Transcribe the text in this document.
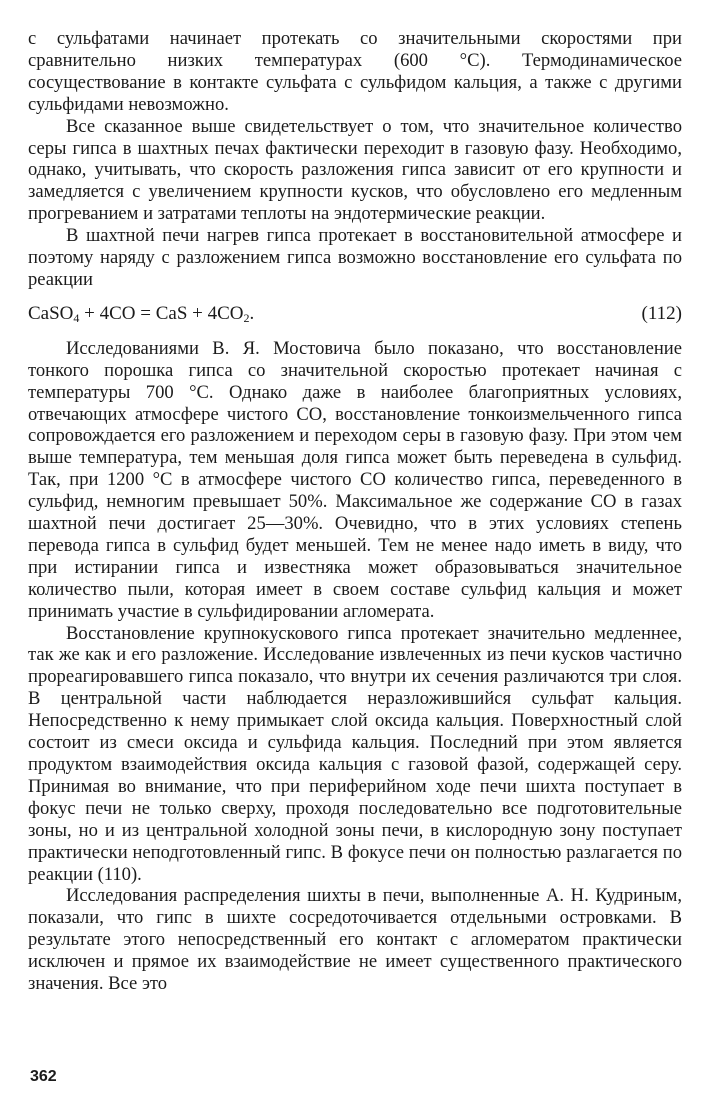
с сульфатами начинает протекать со значительными скоростями при сравнительно низких температурах (600 °С). Термодинамическое сосуществование в контакте сульфата с сульфидом кальция, а также с другими сульфидами невозможно.

Все сказанное выше свидетельствует о том, что значительное количество серы гипса в шахтных печах фактически переходит в газовую фазу. Необходимо, однако, учитывать, что скорость разложения гипса зависит от его крупности и замедляется с увеличением крупности кусков, что обусловлено его медленным прогреванием и затратами теплоты на эндотермические реакции.

В шахтной печи нагрев гипса протекает в восстановительной атмосфере и поэтому наряду с разложением гипса возможно восстановление его сульфата по реакции

CaSO$_4$ + 4CO = CaS + $4CO_2$.	(112)

Исследованиями В. Я. Мостовича было показано, что восстановление тонкого порошка гипса со значительной скоростью протекает начиная с температуры 700 °С. Однако даже в наиболее благоприятных условиях, отвечающих атмосфере чистого СО, восстановление тонкоизмельченного гипса сопровождается его разложением и переходом серы в газовую фазу. При этом чем выше температура, тем меньшая доля гипса может быть переведена в сульфид. Так, при 1200 °С в атмосфере чистого СО количество гипса, переведенного в сульфид, немногим превышает 50%. Максимальное же содержание СО в газах шахтной печи достигает 25—30%. Очевидно, что в этих условиях степень перевода гипса в сульфид будет меньшей. Тем не менее надо иметь в виду, что при истирании гипса и известняка может образовываться значительное количество пыли, которая имеет в своем составе сульфид кальция и может принимать участие в сульфидировании агломерата.

Восстановление крупнокускового гипса протекает значительно медленнее, так же как и его разложение. Исследование извлеченных из печи кусков частично прореагировавшего гипса показало, что внутри их сечения различаются три слоя. В центральной части наблюдается неразложившийся сульфат кальция. Непосредственно к нему примыкает слой оксида кальция. Поверхностный слой состоит из смеси оксида и сульфида кальция. Последний при этом является продуктом взаимодействия оксида кальция с газовой фазой, содержащей серу. Принимая во внимание, что при периферийном ходе печи шихта поступает в фокус печи не только сверху, проходя последовательно все подготовительные зоны, но и из центральной холодной зоны печи, в кислородную зону поступает практически неподготовленный гипс. В фокусе печи он полностью разлагается по реакции (110).

Исследования распределения шихты в печи, выполненные А. Н. Кудриным, показали, что гипс в шихте сосредоточивается отдельными островками. В результате этого непосредственный его контакт с агломератом практически исключен и прямое их взаимодействие не имеет существенного практического значения. Все это

362
